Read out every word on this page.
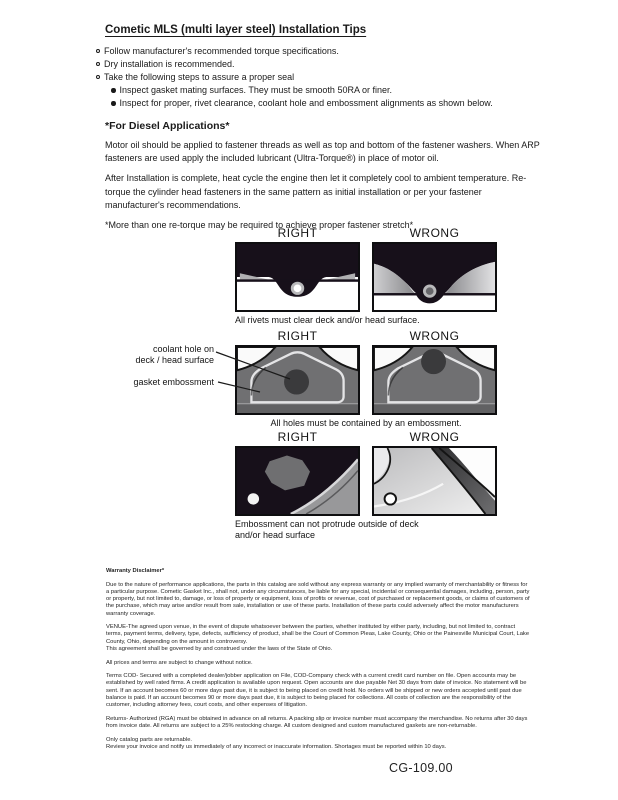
Cometic MLS (multi layer steel) Installation Tips
Follow manufacturer's recommended torque specifications.
Dry installation is recommended.
Take the following steps to assure a proper seal
Inspect gasket mating surfaces. They must be smooth 50RA or finer.
Inspect for proper, rivet clearance, coolant hole and embossment alignments as shown below.
*For Diesel Applications*

Motor oil should be applied to fastener threads as well as top and bottom of the fastener washers. When ARP fasteners are used apply the included lubricant (Ultra-Torque®) in place of motor oil.

After Installation is complete, heat cycle the engine then let it completely cool to ambient temperature. Re-torque the cylinder head fasteners in the same pattern as initial installation or per your fastener manufacturer's recommendations.

*More than one re-torque may be required to achieve proper fastener stretch*

RIGHT	WRONG
All rivets must clear deck and/or head surface.
coolant hole on
deck / head surface
gasket embossment
RIGHT	WRONG
All holes must be contained by an embossment.
RIGHT	WRONG
Embossment can not protrude outside of deck and/or head surface
Warranty Disclaimer*

Due to the nature of performance applications, the parts in this catalog are sold without any express warranty or any implied warranty of merchantability or fitness for a particular purpose. Cometic Gasket Inc., shall not, under any circumstances, be liable for any special, incidental or consequential damages, including, person, party or property, but not limited to, damage, or loss of property or equipment, loss of profits or revenue, cost of purchased or replacement goods, or claims of customers of the purchase, which may arise and/or result from sale, installation or use of these parts. Installation of these parts could adversely affect the motor manufacturers warranty coverage.

VENUE-The agreed upon venue, in the event of dispute whatsoever between the parties, whether instituted by either party, including, but not limited to, contract terms, payment terms, delivery, type, defects, sufficiency of product, shall be the Court of Common Pleas, Lake County, Ohio or the Painesville Municipal Court, Lake County, Ohio, depending on the amount in controversy.

This agreement shall be governed by and construed under the laws of the State of Ohio.

All prices and terms are subject to change without notice.

Terms COD- Secured with a completed dealer/jobber application on File, COD-Company check with a current credit card number on file. Open accounts may be established by well rated firms. A credit application is available upon request. Open accounts are due payable Net 30 days from date of invoice. No statement will be sent. If an account becomes 60 or more days past due, it is subject to being placed on credit hold. No orders will be shipped or new orders accepted until past due balance is paid. If an account becomes 90 or more days past due, it is subject to being placed for collections. All costs of collection are the responsibility of the customer, including attorney fees, court costs, and other expenses of litigation.

Returns- Authorized (RGA) must be obtained in advance on all returns. A packing slip or invoice number must accompany the merchandise. No returns after 30 days from invoice date. All returns are subject to a 25% restocking charge. All custom designed and custom manufactured gaskets are non-returnable.

Only catalog parts are returnable.

Review your invoice and notify us immediately of any incorrect or inaccurate information. Shortages must be reported within 10 days.

CG-109.00
